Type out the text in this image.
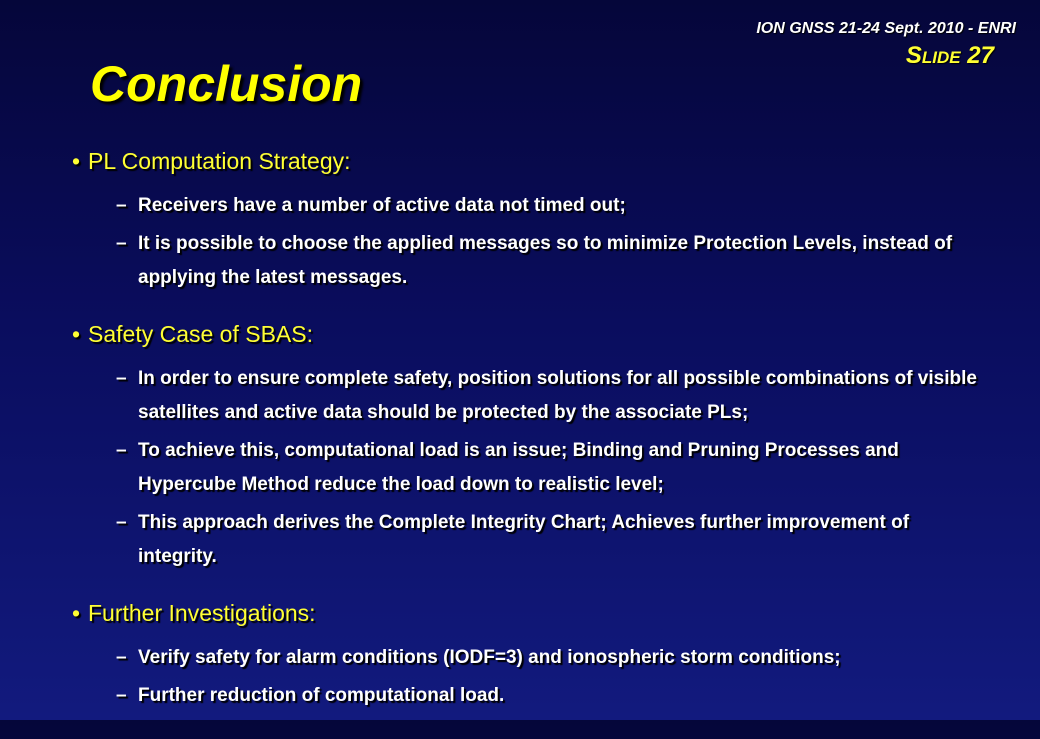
ION GNSS 21-24 Sept. 2010 - ENRI
Slide 27
Conclusion
• PL Computation Strategy:
– Receivers have a number of active data not timed out;
– It is possible to choose the applied messages so to minimize Protection Levels, instead of applying the latest messages.
• Safety Case of SBAS:
– In order to ensure complete safety, position solutions for all possible combinations of visible satellites and active data should be protected by the associate PLs;
– To achieve this, computational load is an issue; Binding and Pruning Processes and Hypercube Method reduce the load down to realistic level;
– This approach derives the Complete Integrity Chart; Achieves further improvement of integrity.
• Further Investigations:
– Verify safety for alarm conditions (IODF=3) and ionospheric storm conditions;
– Further reduction of computational load.
